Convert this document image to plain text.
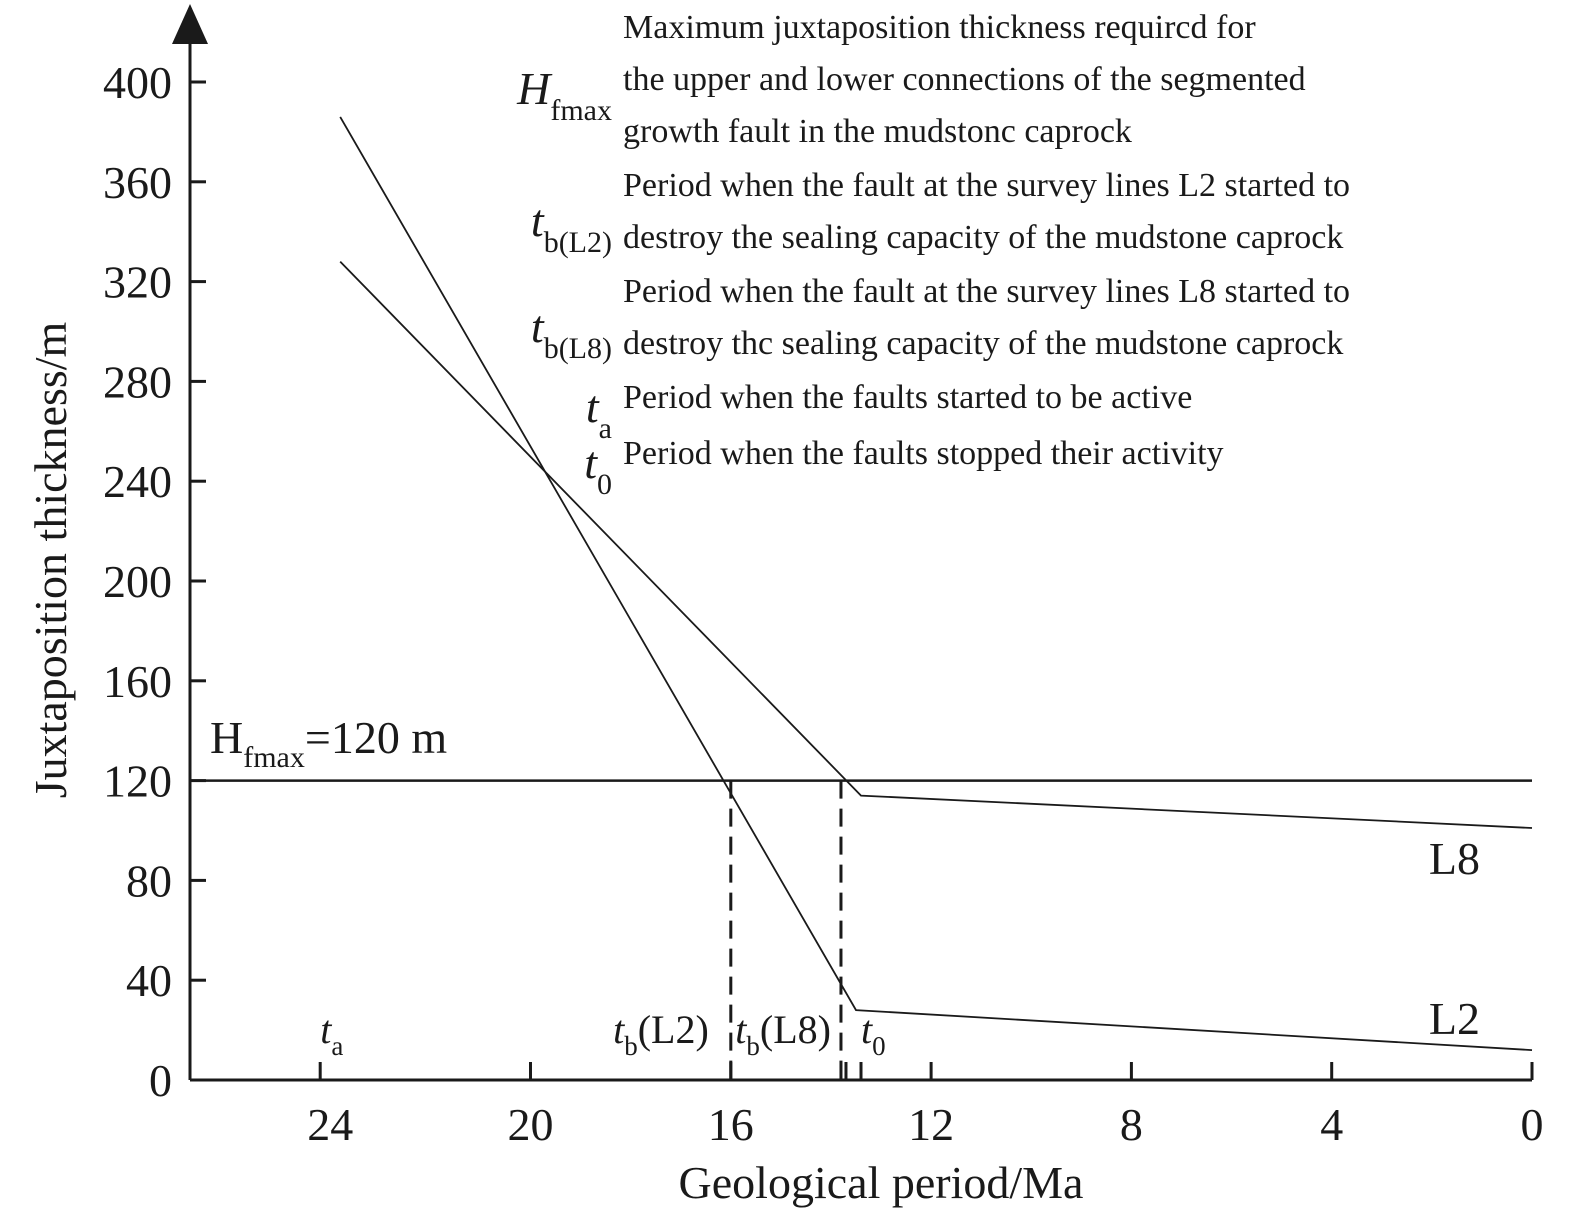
0
40
80
120
160
200
240
280
320
360
400
24	20	16	12	8	4	0
Geological period/Ma
Juxtaposition thickness/m
L2
L8
$H_{fmax}=120$ m
$t_b(L2)$ $t_b(L8)$
$t_a$	$t_0$
$H_{fmax}$
Maximum juxtaposition thickness requircd for
the upper and lower connections of the segmented
growth fault in the mudstonc caprock
$t_{b(L2)}$
Period when the fault at the survey lines L2 started to
destroy the sealing capacity of the mudstone caprock
$t_{b(L8)}$
Period when the fault at the survey lines L8 started to
destroy thc sealing capacity of the mudstone caprock
$t_a$
Period when the faults started to be active
$t_0$
Period when the faults stopped their activity
